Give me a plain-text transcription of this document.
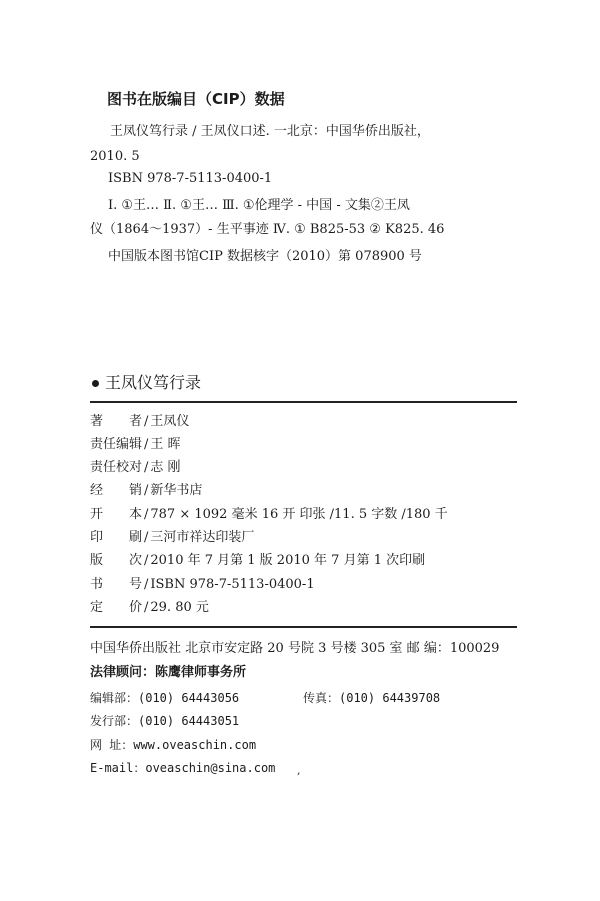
图书在版编目（CIP）数据
王凤仪笃行录 / 王凤仪口述. 一北京：中国华侨出版社，
2010. 5
ISBN 978-7-5113-0400-1
Ⅰ. ①王… Ⅱ. ①王… Ⅲ. ①伦理学 - 中国 - 文集②王凤
仪（1864～1937）- 生平事迹 Ⅳ. ① B825-53 ② K825. 46
中国版本图书馆CIP 数据核字（2010）第 078900 号
王凤仪笃行录
著 者 / 王凤仪
责任编辑 / 王 晖
责任校对 / 志 刚
经 销 / 新华书店
开 本 / 787 × 1092 毫米 16 开 印张 /11. 5 字数 /180 千
印 刷 / 三河市祥达印装厂
版 次 / 2010 年 7 月第 1 版 2010 年 7 月第 1 次印刷
书 号 / ISBN 978-7-5113-0400-1
定 价 / 29. 80 元
中国华侨出版社 北京市安定路 20 号院 3 号楼 305 室 邮 编：100029
法律顾问：陈鹰律师事务所
编辑部：(010) 64443056	传真：(010) 64439708
发行部：(010) 64443051
网 址：www.oveaschin.com
E-mail：oveaschin@sina.com ,
